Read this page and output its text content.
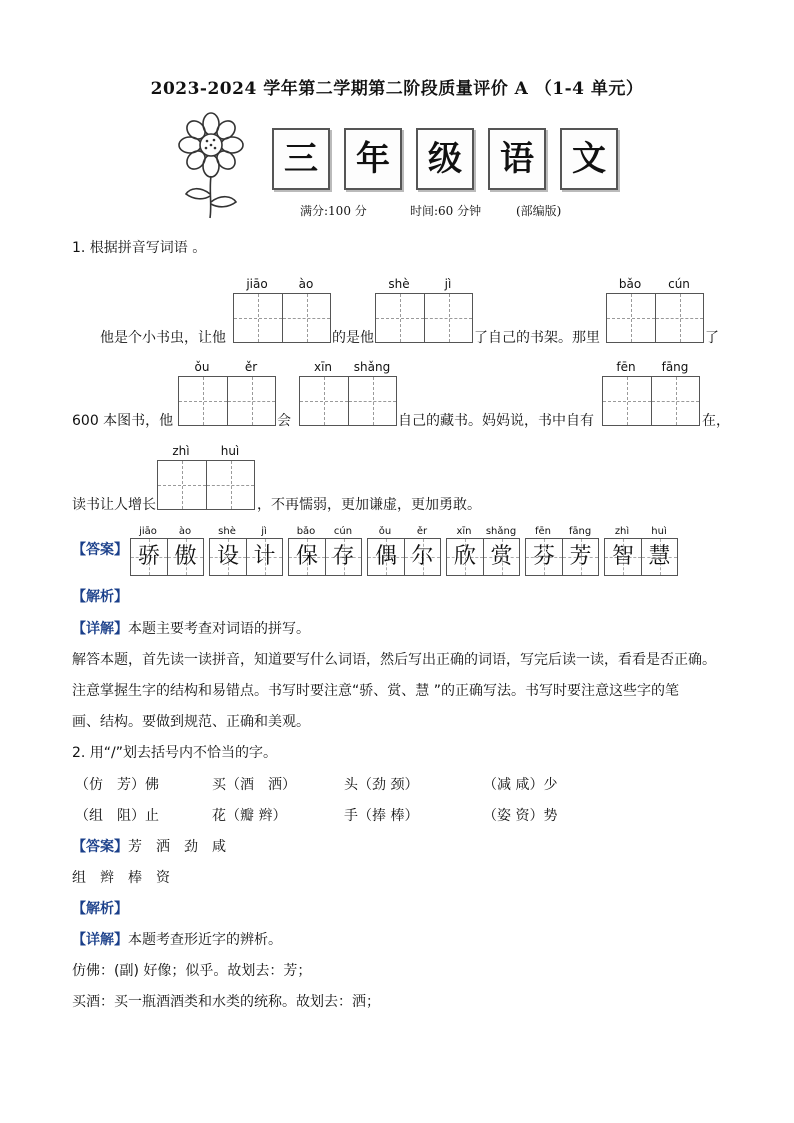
2023-2024 学年第二学期第二阶段质量评价 A （1-4 单元）
三	年	级	语	文
满分:100 分	时间:60 分钟	(部编版)
1. 根据拼音写词语 。
jiāo	ào	shè	jì	bǎo	cún
他是个小书虫，让他	的是他	了自己的书架。那里	了
ǒu	ěr	xīn	shǎng	fēn	fāng
600 本图书，他	会	自己的藏书。妈妈说，书中自有	在，
zhì	huì
读书让人增长	，不再懦弱，更加谦虚，更加勇敢。
【答案】
jiāo	ào
骄 傲
shè	jì
设 计
bǎo	cún
保 存
ǒu	ěr
偶 尔
xīn	shǎng
欣 赏
fēn	fāng
芬 芳
zhì	huì
智 慧
【解析】
【详解】本题主要考查对词语的拼写。
解答本题，首先读一读拼音，知道要写什么词语，然后写出正确的词语，写完后读一读，看看是否正确。
注意掌握生字的结构和易错点。书写时要注意“骄、赏、慧 ”的正确写法。书写时要注意这些字的笔
画、结构。要做到规范、正确和美观。
2. 用“/”划去括号内不恰当的字。
（仿　芳）佛	买（酒　洒）	头（劲 颈）	（减 咸）少
（组　阻）止	花（瓣 辫）	手（捧 棒）	（姿 资）势
【答案】芳　洒　劲　咸
组　辫　棒　资
【解析】
【详解】本题考查形近字的辨析。
仿佛：(副) 好像；似乎。故划去：芳；
买酒：买一瓶酒酒类和水类的统称。故划去：洒；
